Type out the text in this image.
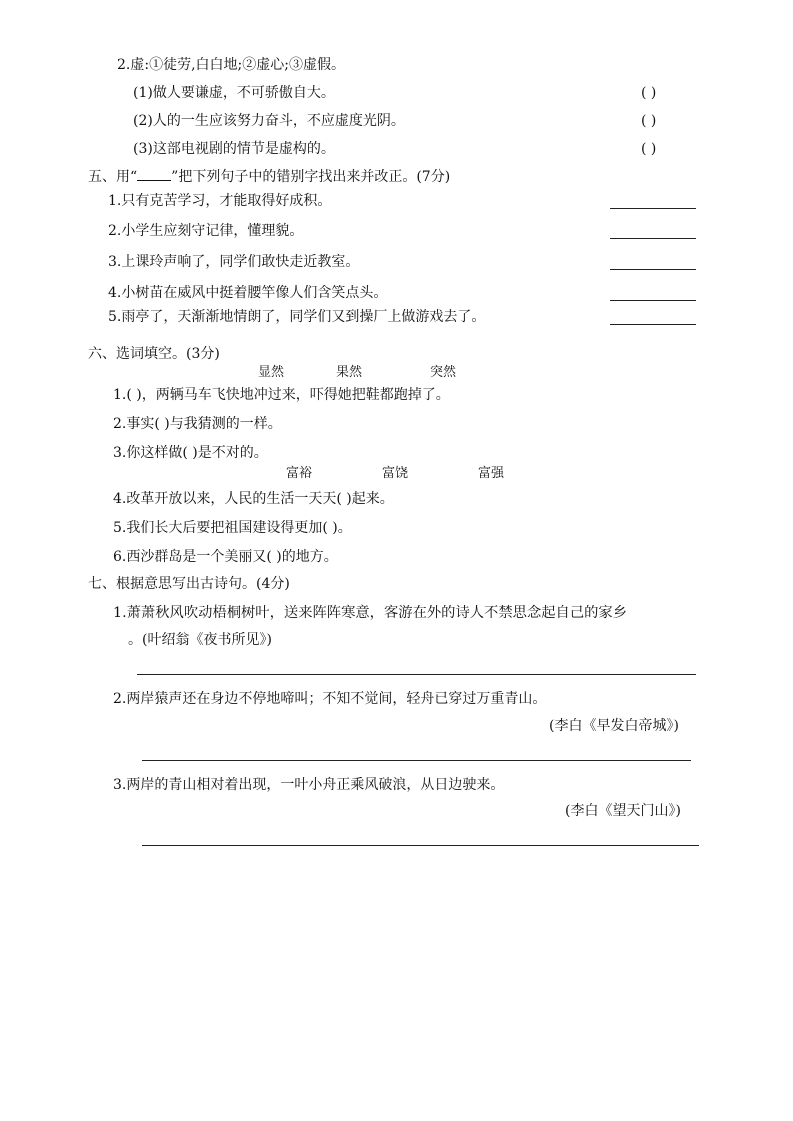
2.虚:①徒劳,白白地;②虚心;③虚假。
(1)做人要谦虚，不可骄傲自大。	( )
(2)人的一生应该努力奋斗，不应虚度光阴。	( )
(3)这部电视剧的情节是虚构的。	( )
五、用“ ”把下列句子中的错别字找出来并改正。(7分)
1.只有克苦学习，才能取得好成积。
2.小学生应刻守记律，懂理貌。
3.上课玲声响了，同学们敢快走近教室。
4.小树苗在威风中挺着腰竿像人们含笑点头。
5.雨亭了，天渐渐地情朗了，同学们又到操厂上做游戏去了。
六、选词填空。(3分)
显然	果然	突然
1.( )，两辆马车飞快地冲过来，吓得她把鞋都跑掉了。
2.事实( )与我猜测的一样。
3.你这样做( )是不对的。
富裕	富饶	富强
4.改革开放以来，人民的生活一天天( )起来。
5.我们长大后要把祖国建设得更加( )。
6.西沙群岛是一个美丽又( )的地方。
七、根据意思写出古诗句。(4分)
1.萧萧秋风吹动梧桐树叶，送来阵阵寒意，客游在外的诗人不禁思念起自己的家乡
。(叶绍翁《夜书所见》)
2.两岸猿声还在身边不停地啼叫；不知不觉间，轻舟已穿过万重青山。
(李白《早发白帝城》)
3.两岸的青山相对着出现，一叶小舟正乘风破浪，从日边驶来。
(李白《望天门山》)
